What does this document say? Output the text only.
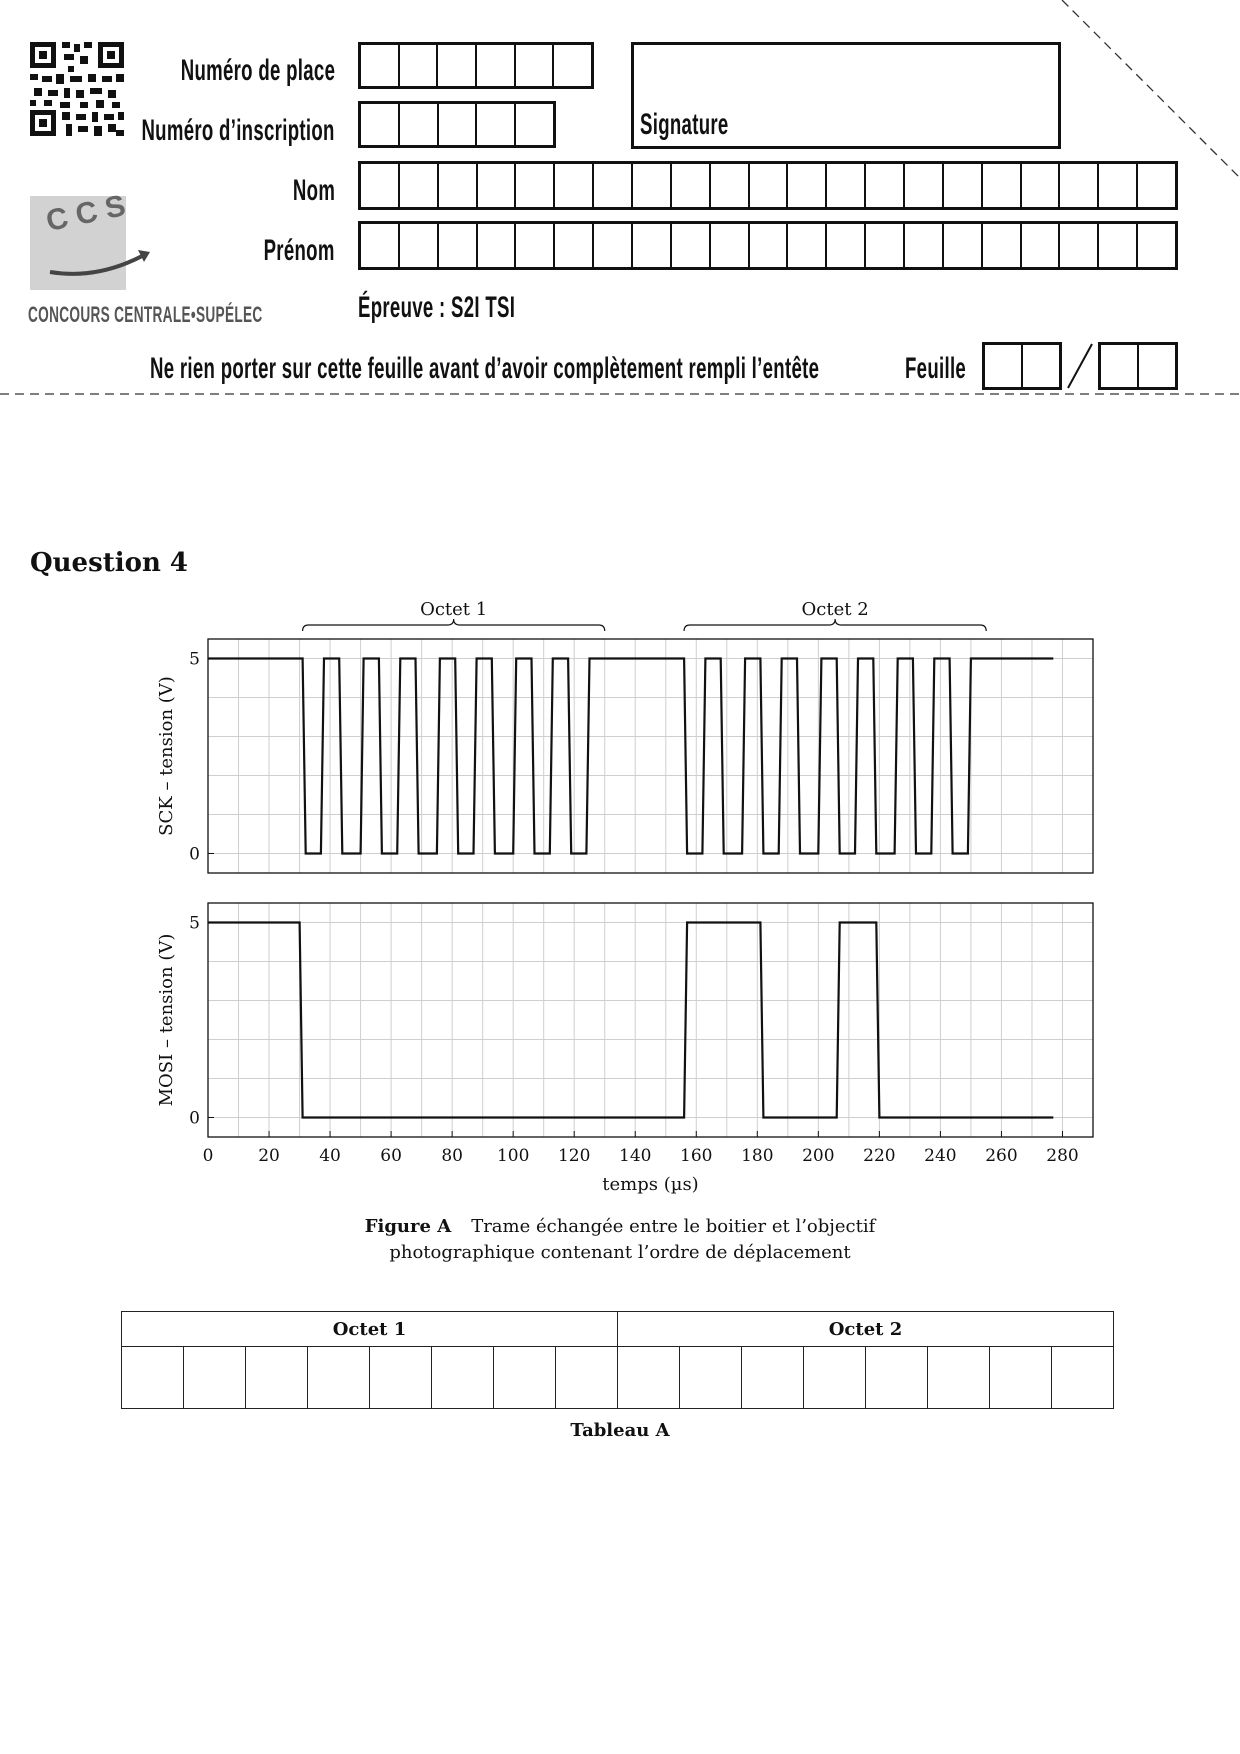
C C S
CONCOURS CENTRALE•SUPÉLEC
Numéro de place
Numéro d’inscription
Nom
Prénom
Signature
Épreuve : S2I TSI
Ne rien porter sur cette feuille avant d’avoir complètement rempli l’entête	Feuille
Question 4
0
5
SCK – tension (V)
0
5
MOSI – tension (V)
0	20 40 60 80 100 120 140 160 180 200 220 240 260 280
temps (µs)
Octet 1	Octet 2
Figure A Trame échangée entre le boitier et l’objectif
photographique contenant l’ordre de déplacement
Octet 1								Octet 2							

Tableau A
